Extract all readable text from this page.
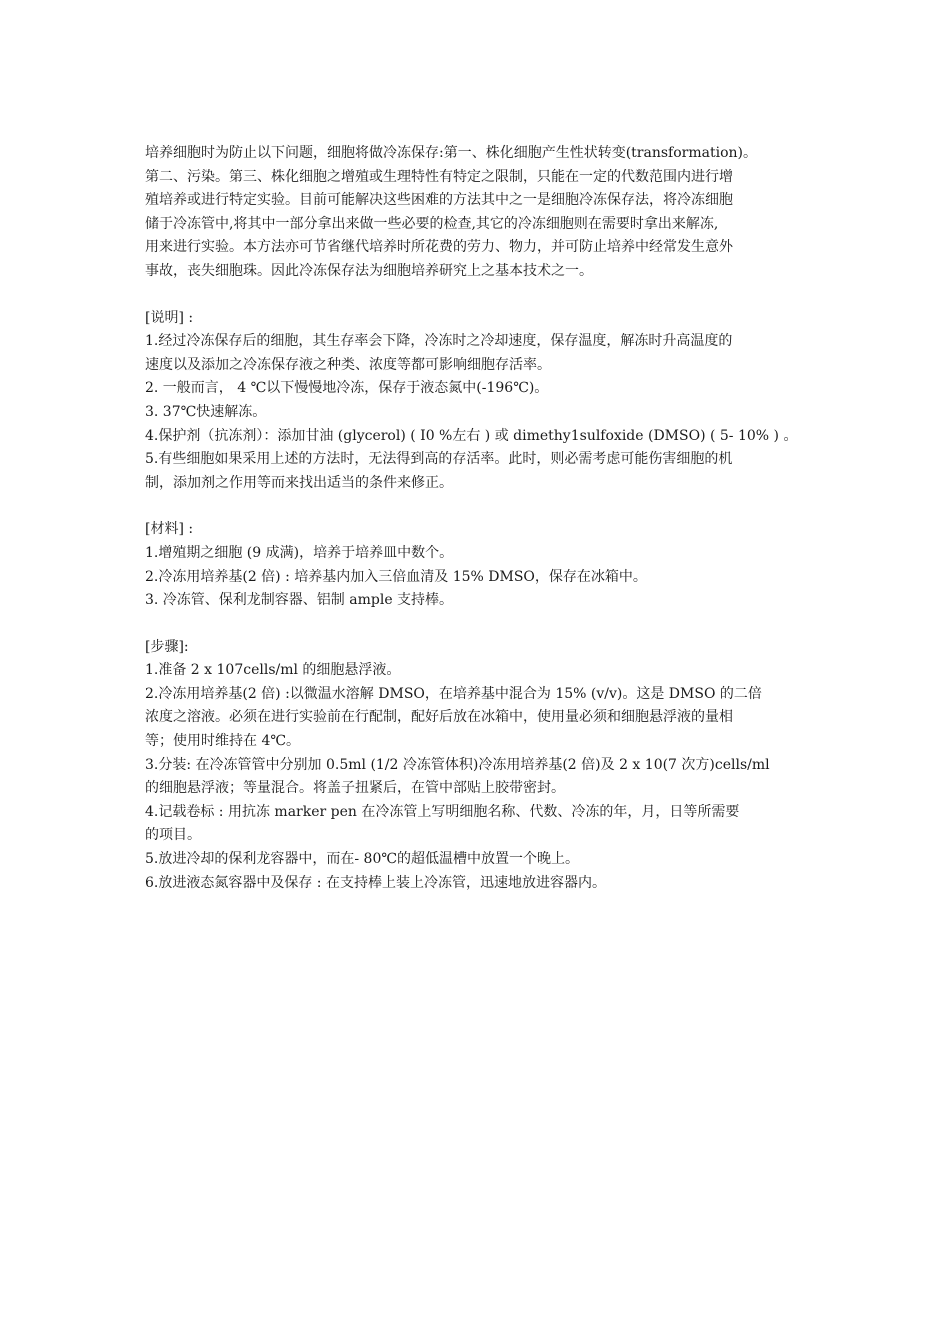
培养细胞时为防止以下问题，细胞将做冷冻保存:第一、株化细胞产生性状转变(transformation)。
第二、污染。第三、株化细胞之增殖或生理特性有特定之限制，只能在一定的代数范围内进行增
殖培养或进行特定实验。目前可能解决这些困难的方法其中之一是细胞冷冻保存法，将冷冻细胞
储于冷冻管中,将其中一部分拿出来做一些必要的检查,其它的冷冻细胞则在需要时拿出来解冻,
用来进行实验。本方法亦可节省继代培养时所花费的劳力、物力，并可防止培养中经常发生意外
事故，丧失细胞珠。因此冷冻保存法为细胞培养研究上之基本技术之一。
[说明] :
1.经过冷冻保存后的细胞，其生存率会下降，冷冻时之冷却速度，保存温度，解冻时升高温度的
速度以及添加之冷冻保存液之种类、浓度等都可影响细胞存活率。
2. 一般而言， 4 ℃以下慢慢地冷冻，保存于液态氮中(-196℃)。
3. 37℃快速解冻。
4.保护剂（抗冻剂）：添加甘油 (glycerol) ( I0 %左右 ) 或 dimethy1sulfoxide (DMSO) ( 5- 10% ) 。
5.有些细胞如果采用上述的方法时，无法得到高的存活率。此时，则必需考虑可能伤害细胞的机
制，添加剂之作用等而来找出适当的条件来修正。
[材料] :
1.增殖期之细胞 (9 成满)，培养于培养皿中数个。
2.冷冻用培养基(2 倍) : 培养基内加入三倍血清及 15% DMSO，保存在冰箱中。
3. 冷冻管、保利龙制容器、铝制 ample 支持棒。
[步骤]:
1.准备 2 x 107cells/ml 的细胞悬浮液。
2.冷冻用培养基(2 倍) :以微温水溶解 DMSO，在培养基中混合为 15% (v/v)。这是 DMSO 的二倍
浓度之溶液。必须在进行实验前在行配制，配好后放在冰箱中，使用量必须和细胞悬浮液的量相
等；使用时维持在 4℃。
3.分装: 在冷冻管管中分别加 0.5ml (1/2 冷冻管体积)冷冻用培养基(2 倍)及 2 x 10(7 次方)cells/ml
的细胞悬浮液；等量混合。将盖子扭紧后，在管中部贴上胶带密封。
4.记载卷标 : 用抗冻 marker pen 在冷冻管上写明细胞名称、代数、冷冻的年，月，日等所需要
的项目。
5.放进冷却的保利龙容器中，而在- 80℃的超低温槽中放置一个晚上。
6.放进液态氮容器中及保存 : 在支持棒上装上冷冻管，迅速地放进容器内。
